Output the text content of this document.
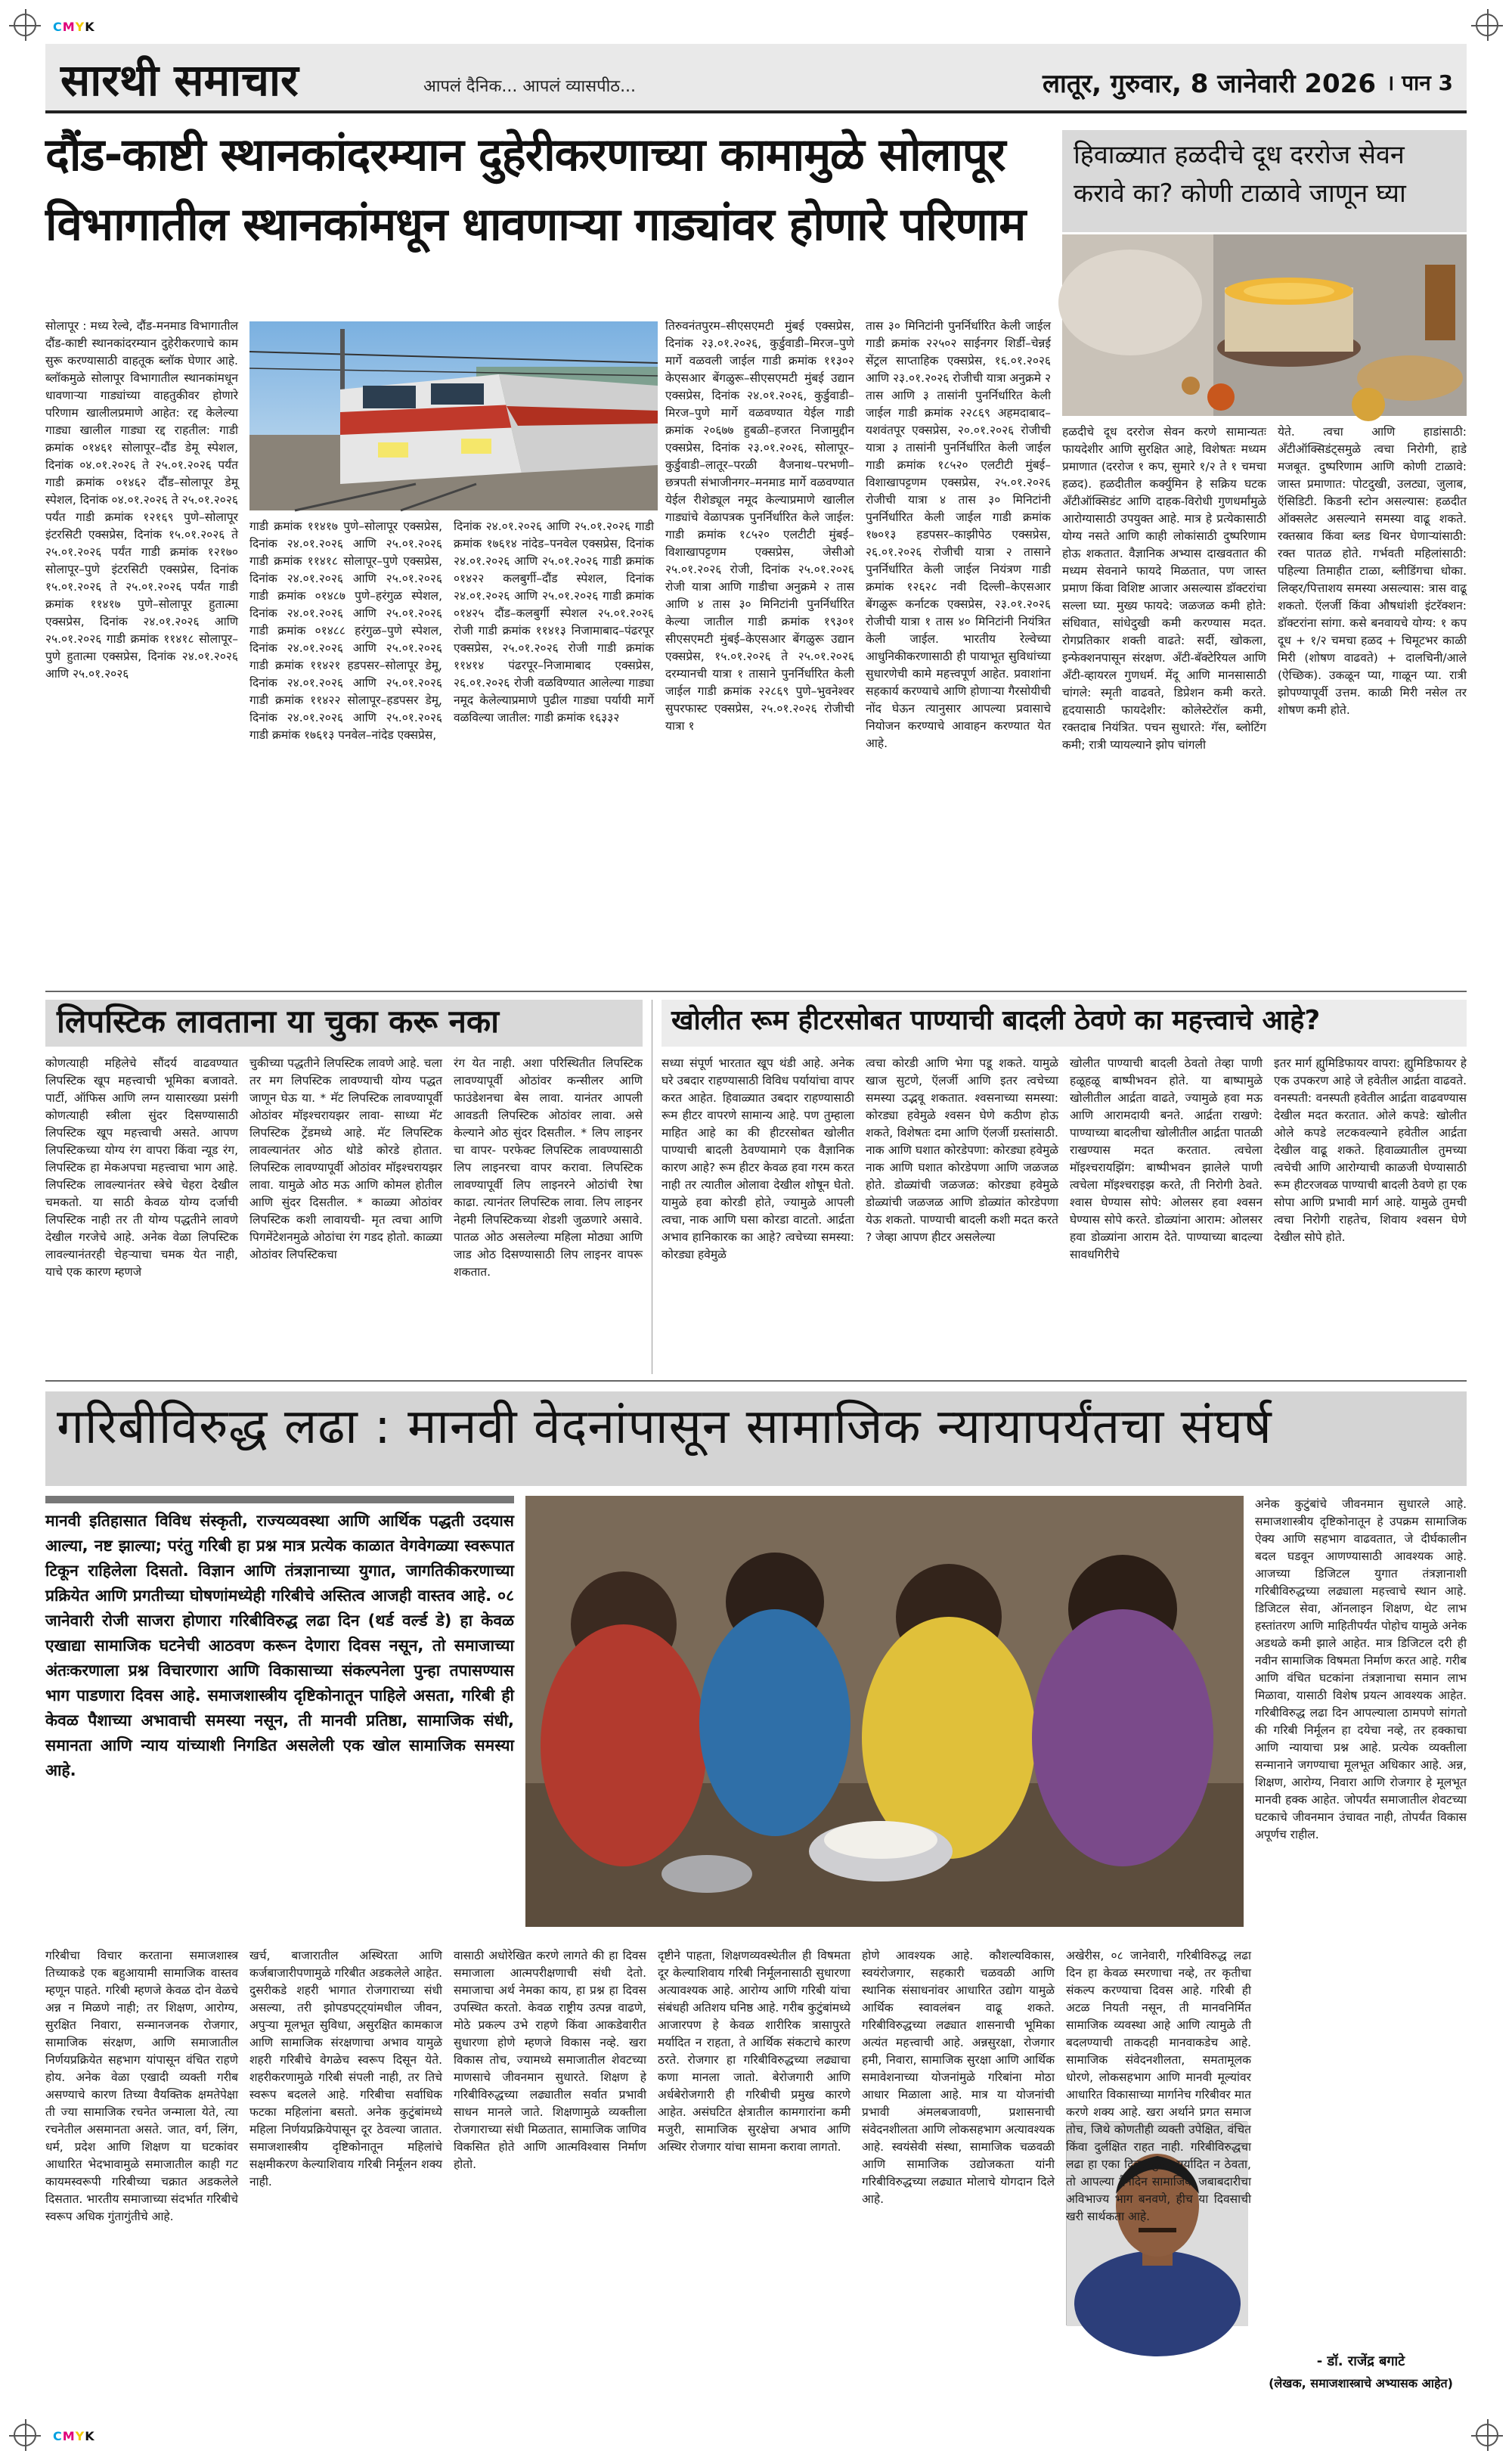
CMYK
CMYK
सारथी समाचार	आपलं दैनिक... आपलं व्यासपीठ...	लातूर, गुरुवार, 8 जानेवारी 2026 । पान 3
दौंड-काष्टी स्थानकांदरम्यान दुहेरीकरणाच्या कामामुळे सोलापूर
विभागातील स्थानकांमधून धावणाऱ्या गाड्यांवर होणारे परिणाम
सोलापूर : मध्य रेल्वे, दौंड-मनमाड विभागातील दौंड-काष्टी स्थानकांदरम्यान दुहेरीकरणाचे काम सुरू करण्यासाठी वाहतूक ब्लॉक घेणार आहे. ब्लॉकमुळे सोलापूर विभागातील स्थानकांमधून धावणाऱ्या गाड्यांच्या वाहतुकीवर होणारे परिणाम खालीलप्रमाणे आहेत: रद्द केलेल्या गाड्या खालील गाड्या रद्द राहतील: गाडी क्रमांक ०१४६१ सोलापूर–दौंड डेमू स्पेशल, दिनांक ०४.०१.२०२६ ते २५.०१.२०२६ पर्यंत गाडी क्रमांक ०१४६२ दौंड–सोलापूर डेमू स्पेशल, दिनांक ०४.०१.२०२६ ते २५.०१.२०२६ पर्यंत गाडी क्रमांक १२१६९ पुणे–सोलापूर इंटरसिटी एक्सप्रेस, दिनांक १५.०१.२०२६ ते २५.०१.२०२६ पर्यंत गाडी क्रमांक १२१७० सोलापूर–पुणे इंटरसिटी एक्सप्रेस, दिनांक १५.०१.२०२६ ते २५.०१.२०२६ पर्यंत गाडी क्रमांक ११४१७ पुणे–सोलापूर हुतात्मा एक्सप्रेस, दिनांक २४.०१.२०२६ आणि २५.०१.२०२६ गाडी क्रमांक ११४१८ सोलापूर–पुणे हुतात्मा एक्सप्रेस, दिनांक २४.०१.२०२६ आणि २५.०१.२०२६
गाडी क्रमांक ११४१७ पुणे–सोलापूर एक्सप्रेस, दिनांक २४.०१.२०२६ आणि २५.०१.२०२६ गाडी क्रमांक ११४१८ सोलापूर–पुणे एक्सप्रेस, दिनांक २४.०१.२०२६ आणि २५.०१.२०२६ गाडी क्रमांक ०१४८७ पुणे–हरंगुळ स्पेशल, दिनांक २४.०१.२०२६ आणि २५.०१.२०२६ गाडी क्रमांक ०१४८८ हरंगुळ–पुणे स्पेशल, दिनांक २४.०१.२०२६ आणि २५.०१.२०२६ गाडी क्रमांक ११४२१ हडपसर–सोलापूर डेमू, दिनांक २४.०१.२०२६ आणि २५.०१.२०२६ गाडी क्रमांक ११४२२ सोलापूर–हडपसर डेमू, दिनांक २४.०१.२०२६ आणि २५.०१.२०२६ गाडी क्रमांक १७६१३ पनवेल–नांदेड एक्सप्रेस,
दिनांक २४.०१.२०२६ आणि २५.०१.२०२६ गाडी क्रमांक १७६१४ नांदेड–पनवेल एक्सप्रेस, दिनांक २४.०१.२०२६ आणि २५.०१.२०२६ गाडी क्रमांक ०१४२२ कलबुर्गी–दौंड स्पेशल, दिनांक २४.०१.२०२६ आणि २५.०१.२०२६ गाडी क्रमांक ०१४२५ दौंड–कलबुर्गी स्पेशल २५.०१.२०२६ रोजी गाडी क्रमांक ११४१३ निजामाबाद–पंढरपूर एक्सप्रेस, २५.०१.२०२६ रोजी गाडी क्रमांक ११४१४ पंढरपूर–निजामाबाद एक्सप्रेस, २६.०१.२०२६ रोजी वळविण्यात आलेल्या गाड्या नमूद केलेल्याप्रमाणे पुढील गाड्या पर्यायी मार्गे वळविल्या जातील: गाडी क्रमांक १६३३२
तिरुवनंतपुरम–सीएसएमटी मुंबई एक्सप्रेस, दिनांक २३.०१.२०२६, कुर्डुवाडी–मिरज–पुणे मार्गे वळवली जाईल गाडी क्रमांक ११३०२ केएसआर बेंगळुरू–सीएसएमटी मुंबई उद्यान एक्सप्रेस, दिनांक २४.०१.२०२६, कुर्डुवाडी–मिरज–पुणे मार्गे वळवण्यात येईल गाडी क्रमांक २०६७७ हुबळी–हजरत निजामुद्दीन एक्सप्रेस, दिनांक २३.०१.२०२६, सोलापूर–कुर्डुवाडी–लातूर–परळी वैजनाथ–परभणी–छत्रपती संभाजीनगर–मनमाड मार्गे वळवण्यात येईल रीशेड्यूल नमूद केल्याप्रमाणे खालील गाड्यांचे वेळापत्रक पुनर्निर्धारित केले जाईल: गाडी क्रमांक १८५२० एलटीटी मुंबई–विशाखापट्टणम एक्सप्रेस, जेसीओ २५.०१.२०२६ रोजी, दिनांक २५.०१.२०२६ रोजी यात्रा आणि गाडीचा अनुक्रमे २ तास आणि ४ तास ३० मिनिटांनी पुनर्निर्धारित केल्या जातील गाडी क्रमांक १९३०१ सीएसएमटी मुंबई–केएसआर बेंगळुरू उद्यान एक्सप्रेस, १५.०१.२०२६ ते २५.०१.२०२६ दरम्यानची यात्रा १ तासाने पुनर्निर्धारित केली जाईल गाडी क्रमांक २२८६९ पुणे–भुवनेश्वर सुपरफास्ट एक्सप्रेस, २५.०१.२०२६ रोजीची यात्रा १
तास ३० मिनिटांनी पुनर्निर्धारित केली जाईल गाडी क्रमांक २२५०२ साईनगर शिर्डी–चेन्नई सेंट्रल साप्ताहिक एक्सप्रेस, १६.०१.२०२६ आणि २३.०१.२०२६ रोजीची यात्रा अनुक्रमे २ तास आणि ३ तासांनी पुनर्निर्धारित केली जाईल गाडी क्रमांक २२८६९ अहमदाबाद–यशवंतपूर एक्सप्रेस, २०.०१.२०२६ रोजीची यात्रा ३ तासांनी पुनर्निर्धारित केली जाईल गाडी क्रमांक १८५२० एलटीटी मुंबई–विशाखापट्टणम एक्सप्रेस, २५.०१.२०२६ रोजीची यात्रा ४ तास ३० मिनिटांनी पुनर्निर्धारित केली जाईल गाडी क्रमांक १७०१३ हडपसर–काझीपेठ एक्सप्रेस, २६.०१.२०२६ रोजीची यात्रा २ तासाने पुनर्निर्धारित केली जाईल नियंत्रण गाडी क्रमांक १२६२८ नवी दिल्ली–केएसआर बेंगळुरू कर्नाटक एक्सप्रेस, २३.०१.२०२६ रोजीची यात्रा १ तास ४० मिनिटांनी नियंत्रित केली जाईल. भारतीय रेल्वेच्या आधुनिकीकरणासाठी ही पायाभूत सुविधांच्या सुधारणेची कामे महत्त्वपूर्ण आहेत. प्रवाशांना सहकार्य करण्याचे आणि होणाऱ्या गैरसोयीची नोंद घेऊन त्यानुसार आपल्या प्रवासाचे नियोजन करण्याचे आवाहन करण्यात येत आहे.
हिवाळ्यात हळदीचे दूध दररोज सेवन करावे का? कोणी टाळावे जाणून घ्या
हळदीचे दूध दररोज सेवन करणे सामान्यतः फायदेशीर आणि सुरक्षित आहे, विशेषतः मध्यम प्रमाणात (दररोज १ कप, सुमारे १/२ ते १ चमचा हळद). हळदीतील कर्क्युमिन हे सक्रिय घटक अँटीऑक्सिडंट आणि दाहक-विरोधी गुणधर्मांमुळे आरोग्यासाठी उपयुक्त आहे. मात्र हे प्रत्येकासाठी योग्य नसते आणि काही लोकांसाठी दुष्परिणाम होऊ शकतात. वैज्ञानिक अभ्यास दाखवतात की मध्यम सेवनाने फायदे मिळतात, पण जास्त प्रमाण किंवा विशिष्ट आजार असल्यास डॉक्टरांचा सल्ला घ्या. मुख्य फायदे: जळजळ कमी होते: संधिवात, सांधेदुखी कमी करण्यास मदत. रोगप्रतिकार शक्ती वाढते: सर्दी, खोकला, इन्फेक्शनपासून संरक्षण. अँटी-बॅक्टेरियल आणि अँटी-व्हायरल गुणधर्म. मेंदू आणि मानसासाठी चांगले: स्मृती वाढवते, डिप्रेशन कमी करते. हृदयासाठी फायदेशीर: कोलेस्टेरॉल कमी, रक्तदाब नियंत्रित. पचन सुधारते: गॅस, ब्लोटिंग कमी; रात्री प्यायल्याने झोप चांगली
येते. त्वचा आणि हाडांसाठी: अँटीऑक्सिडंट्समुळे त्वचा निरोगी, हाडे मजबूत. दुष्परिणाम आणि कोणी टाळावे: जास्त प्रमाणात: पोटदुखी, उलट्या, जुलाब, ऍसिडिटी. किडनी स्टोन असल्यास: हळदीत ऑक्सलेट असल्याने समस्या वाढू शकते. रक्तस्राव किंवा ब्लड थिनर घेणाऱ्यांसाठी: रक्त पातळ होते. गर्भवती महिलांसाठी: पहिल्या तिमाहीत टाळा, ब्लीडिंगचा धोका. लिव्हर/पित्ताशय समस्या असल्यास: त्रास वाढू शकतो. ऍलर्जी किंवा औषधांशी इंटरॅक्शन: डॉक्टरांना सांगा. कसे बनवायचे योग्य: १ कप दूध + १/२ चमचा हळद + चिमूटभर काळी मिरी (शोषण वाढवते) + दालचिनी/आले (ऐच्छिक). उकळून प्या, गाळून प्या. रात्री झोपण्यापूर्वी उत्तम. काळी मिरी नसेल तर शोषण कमी होते.
लिपस्टिक लावताना या चुका करू नका
कोणत्याही महिलेचे सौंदर्य वाढवण्यात लिपस्टिक खूप महत्त्वाची भूमिका बजावते. पार्टी, ऑफिस आणि लग्न यासारख्या प्रसंगी कोणत्याही स्त्रीला सुंदर दिसण्यासाठी लिपस्टिक खूप महत्त्वाची असते. आपण लिपस्टिकच्या योग्य रंग वापरा किंवा न्यूड रंग, लिपस्टिक हा मेकअपचा महत्त्वाचा भाग आहे. लिपस्टिक लावल्यानंतर स्त्रेचे चेहरा देखील चमकतो. या साठी केवळ योग्य दर्जाची लिपस्टिक नाही तर ती योग्य पद्धतीने लावणे देखील गरजेचे आहे. अनेक वेळा लिपस्टिक लावल्यानंतरही चेहऱ्याचा चमक येत नाही, याचे एक कारण म्हणजे
चुकीच्या पद्धतीने लिपस्टिक लावणे आहे. चला तर मग लिपस्टिक लावण्याची योग्य पद्धत जाणून घेऊ या. * मॅट लिपस्टिक लावण्यापूर्वी ओठांवर मॉइश्चरायझर लावा- साध्या मॅट लिपस्टिक ट्रेंडमध्ये आहे. मॅट लिपस्टिक लावल्यानंतर ओठ थोडे कोरडे होतात. लिपस्टिक लावण्यापूर्वी ओठांवर मॉइश्चरायझर लावा. यामुळे ओठ मऊ आणि कोमल होतील आणि सुंदर दिसतील. * काळ्या ओठांवर लिपस्टिक कशी लावायची- मृत त्वचा आणि पिगमेंटेशनमुळे ओठांचा रंग गडद होतो. काळ्या ओठांवर लिपस्टिकचा
रंग येत नाही. अशा परिस्थितीत लिपस्टिक लावण्यापूर्वी ओठांवर कन्सीलर आणि फाउंडेशनचा बेस लावा. यानंतर आपली आवडती लिपस्टिक ओठांवर लावा. असे केल्याने ओठ सुंदर दिसतील. * लिप लाइनर चा वापर- परफेक्ट लिपस्टिक लावण्यासाठी लिप लाइनरचा वापर करावा. लिपस्टिक लावण्यापूर्वी लिप लाइनरने ओठांची रेषा काढा. त्यानंतर लिपस्टिक लावा. लिप लाइनर नेहमी लिपस्टिकच्या शेडशी जुळणारे असावे. पातळ ओठ असलेल्या महिला मोठ्या आणि जाड ओठ दिसण्यासाठी लिप लाइनर वापरू शकतात.
खोलीत रूम हीटरसोबत पाण्याची बादली ठेवणे का महत्त्वाचे आहे?
सध्या संपूर्ण भारतात खूप थंडी आहे. अनेक घरे उबदार राहण्यासाठी विविध पर्यायांचा वापर करत आहेत. हिवाळ्यात उबदार राहण्यासाठी रूम हीटर वापरणे सामान्य आहे. पण तुम्हाला माहित आहे का की हीटरसोबत खोलीत पाण्याची बादली ठेवण्यामागे एक वैज्ञानिक कारण आहे? रूम हीटर केवळ हवा गरम करत नाही तर त्यातील ओलावा देखील शोषून घेतो. यामुळे हवा कोरडी होते, ज्यामुळे आपली त्वचा, नाक आणि घसा कोरडा वाटतो. आर्द्रता अभाव हानिकारक का आहे? त्वचेच्या समस्या: कोरड्या हवेमुळे
त्वचा कोरडी आणि भेगा पडू शकते. यामुळे खाज सुटणे, ऍलर्जी आणि इतर त्वचेच्या समस्या उद्भवू शकतात. श्वसनाच्या समस्या: कोरड्या हवेमुळे श्वसन घेणे कठीण होऊ शकते, विशेषतः दमा आणि ऍलर्जी ग्रस्तांसाठी. नाक आणि घशात कोरडेपणा: कोरड्या हवेमुळे नाक आणि घशात कोरडेपणा आणि जळजळ होते. डोळ्यांची जळजळ: कोरड्या हवेमुळे डोळ्यांची जळजळ आणि डोळ्यांत कोरडेपणा येऊ शकतो. पाण्याची बादली कशी मदत करते ? जेव्हा आपण हीटर असलेल्या
खोलीत पाण्याची बादली ठेवतो तेव्हा पाणी हळूहळू बाष्पीभवन होते. या बाष्पामुळे खोलीतील आर्द्रता वाढते, ज्यामुळे हवा मऊ आणि आरामदायी बनते. आर्द्रता राखणे: पाण्याच्या बादलीचा खोलीतील आर्द्रता पातळी राखण्यास मदत करतात. त्वचेला मॉइश्चरायझिंग: बाष्पीभवन झालेले पाणी त्वचेला मॉइश्चराइझ करते, ती निरोगी ठेवते. श्वास घेण्यास सोपे: ओलसर हवा श्वसन घेण्यास सोपे करते. डोळ्यांना आराम: ओलसर हवा डोळ्यांना आराम देते. पाण्याच्या बादल्या सावधगिरीचे
इतर मार्ग ह्युमिडिफायर वापरा: ह्युमिडिफायर हे एक उपकरण आहे जे हवेतील आर्द्रता वाढवते. वनस्पती: वनस्पती हवेतील आर्द्रता वाढवण्यास देखील मदत करतात. ओले कपडे: खोलीत ओले कपडे लटकवल्याने हवेतील आर्द्रता देखील वाढू शकते. हिवाळ्यातील तुमच्या त्वचेची आणि आरोग्याची काळजी घेण्यासाठी रूम हीटरजवळ पाण्याची बादली ठेवणे हा एक सोपा आणि प्रभावी मार्ग आहे. यामुळे तुमची त्वचा निरोगी राहतेच, शिवाय श्वसन घेणे देखील सोपे होते.
गरिबीविरुद्ध लढा : मानवी वेदनांपासून सामाजिक न्यायापर्यंतचा संघर्ष
मानवी इतिहासात विविध संस्कृती, राज्यव्यवस्था आणि आर्थिक पद्धती उदयास आल्या, नष्ट झाल्या; परंतु गरिबी हा प्रश्न मात्र प्रत्येक काळात वेगवेगळ्या स्वरूपात टिकून राहिलेला दिसतो. विज्ञान आणि तंत्रज्ञानाच्या युगात, जागतिकीकरणाच्या प्रक्रियेत आणि प्रगतीच्या घोषणांमध्येही गरिबीचे अस्तित्व आजही वास्तव आहे. ०८ जानेवारी रोजी साजरा होणारा गरिबीविरुद्ध लढा दिन (थर्ड वर्ल्ड डे) हा केवळ एखाद्या सामाजिक घटनेची आठवण करून देणारा दिवस नसून, तो समाजाच्या अंतःकरणाला प्रश्न विचारणारा आणि विकासाच्या संकल्पनेला पुन्हा तपासण्यास भाग पाडणारा दिवस आहे. समाजशास्त्रीय दृष्टिकोनातून पाहिले असता, गरिबी ही केवळ पैशाच्या अभावाची समस्या नसून, ती मानवी प्रतिष्ठा, सामाजिक संधी, समानता आणि न्याय यांच्याशी निगडित असलेली एक खोल सामाजिक समस्या आहे.
अनेक कुटुंबांचे जीवनमान सुधारले आहे. समाजशास्त्रीय दृष्टिकोनातून हे उपक्रम सामाजिक ऐक्य आणि सहभाग वाढवतात, जे दीर्घकालीन बदल घडवून आणण्यासाठी आवश्यक आहे. आजच्या डिजिटल युगात तंत्रज्ञानाशी गरिबीविरुद्धच्या लढ्याला महत्त्वाचे स्थान आहे. डिजिटल सेवा, ऑनलाइन शिक्षण, थेट लाभ हस्तांतरण आणि माहितीपर्यंत पोहोच यामुळे अनेक अडथळे कमी झाले आहेत. मात्र डिजिटल दरी ही नवीन सामाजिक विषमता निर्माण करत आहे. गरीब आणि वंचित घटकांना तंत्रज्ञानाचा समान लाभ मिळावा, यासाठी विशेष प्रयत्न आवश्यक आहेत. गरिबीविरुद्ध लढा दिन आपल्याला ठामपणे सांगतो की गरिबी निर्मूलन हा दयेचा नव्हे, तर हक्काचा आणि न्यायाचा प्रश्न आहे. प्रत्येक व्यक्तीला सन्मानाने जगण्याचा मूलभूत अधिकार आहे. अन्न, शिक्षण, आरोग्य, निवारा आणि रोजगार हे मूलभूत मानवी हक्क आहेत. जोपर्यंत समाजातील शेवटच्या घटकाचे जीवनमान उंचावत नाही, तोपर्यंत विकास अपूर्णच राहील.
गरिबीचा विचार करताना समाजशास्त्र तिच्याकडे एक बहुआयामी सामाजिक वास्तव म्हणून पाहते. गरिबी म्हणजे केवळ दोन वेळचे अन्न न मिळणे नाही; तर शिक्षण, आरोग्य, सुरक्षित निवारा, सन्मानजनक रोजगार, सामाजिक संरक्षण, आणि समाजातील निर्णयप्रक्रियेत सहभाग यांपासून वंचित राहणे होय. अनेक वेळा एखादी व्यक्ती गरीब असण्याचे कारण तिच्या वैयक्तिक क्षमतेपेक्षा ती ज्या सामाजिक रचनेत जन्माला येते, त्या रचनेतील असमानता असते. जात, वर्ग, लिंग, धर्म, प्रदेश आणि शिक्षण या घटकांवर आधारित भेदभावामुळे समाजातील काही गट कायमस्वरूपी गरिबीच्या चक्रात अडकलेले दिसतात. भारतीय समाजाच्या संदर्भात गरिबीचे स्वरूप अधिक गुंतागुंतीचे आहे.
खर्च, बाजारातील अस्थिरता आणि कर्जबाजारीपणामुळे गरिबीत अडकलेले आहेत. दुसरीकडे शहरी भागात रोजगाराच्या संधी असल्या, तरी झोपडपट्ट्यांमधील जीवन, अपुऱ्या मूलभूत सुविधा, असुरक्षित कामकाज आणि सामाजिक संरक्षणाचा अभाव यामुळे शहरी गरिबीचे वेगळेच स्वरूप दिसून येते. शहरीकरणामुळे गरिबी संपली नाही, तर तिचे स्वरूप बदलले आहे. गरिबीचा सर्वाधिक फटका महिलांना बसतो. अनेक कुटुंबांमध्ये महिला निर्णयप्रक्रियेपासून दूर ठेवल्या जातात. समाजशास्त्रीय दृष्टिकोनातून महिलांचे सक्षमीकरण केल्याशिवाय गरिबी निर्मूलन शक्य नाही.
वासाठी अधोरेखित करणे लागते की हा दिवस समाजाला आत्मपरीक्षणाची संधी देतो. समाजाचा अर्थ नेमका काय, हा प्रश्न हा दिवस उपस्थित करतो. केवळ राष्ट्रीय उत्पन्न वाढणे, मोठे प्रकल्प उभे राहणे किंवा आकडेवारीत सुधारणा होणे म्हणजे विकास नव्हे. खरा विकास तोच, ज्यामध्ये समाजातील शेवटच्या माणसाचे जीवनमान सुधारते. शिक्षण हे गरिबीविरुद्धच्या लढ्यातील सर्वात प्रभावी साधन मानले जाते. शिक्षणामुळे व्यक्तीला रोजगाराच्या संधी मिळतात, सामाजिक जाणिव विकसित होते आणि आत्मविश्वास निर्माण होतो.
दृष्टीने पाहता, शिक्षणव्यवस्थेतील ही विषमता दूर केल्याशिवाय गरिबी निर्मूलनासाठी सुधारणा अत्यावश्यक आहे. आरोग्य आणि गरिबी यांचा संबंधही अतिशय घनिष्ठ आहे. गरीब कुटुंबांमध्ये आजारपण हे केवळ शारीरिक त्रासापुरते मर्यादित न राहता, ते आर्थिक संकटाचे कारण ठरते. रोजगार हा गरिबीविरुद्धच्या लढ्याचा कणा मानला जातो. बेरोजगारी आणि अर्धबेरोजगारी ही गरिबीची प्रमुख कारणे आहेत. असंघटित क्षेत्रातील कामगारांना कमी मजुरी, सामाजिक सुरक्षेचा अभाव आणि अस्थिर रोजगार यांचा सामना करावा लागतो.
होणे आवश्यक आहे. कौशल्यविकास, स्वयंरोजगार, सहकारी चळवळी आणि स्थानिक संसाधनांवर आधारित उद्योग यामुळे आर्थिक स्वावलंबन वाढू शकते. गरिबीविरुद्धच्या लढ्यात शासनाची भूमिका अत्यंत महत्त्वाची आहे. अन्नसुरक्षा, रोजगार हमी, निवारा, सामाजिक सुरक्षा आणि आर्थिक समावेशनाच्या योजनांमुळे गरिबांना मोठा आधार मिळाला आहे. मात्र या योजनांची प्रभावी अंमलबजावणी, प्रशासनाची संवेदनशीलता आणि लोकसहभाग अत्यावश्यक आहे. स्वयंसेवी संस्था, सामाजिक चळवळी आणि सामाजिक उद्योजकता यांनी गरिबीविरुद्धच्या लढ्यात मोलाचे योगदान दिले आहे.
अखेरीस, ०८ जानेवारी, गरिबीविरुद्ध लढा दिन हा केवळ स्मरणाचा नव्हे, तर कृतीचा संकल्प करण्याचा दिवस आहे. गरिबी ही अटळ नियती नसून, ती मानवनिर्मित सामाजिक व्यवस्था आहे आणि त्यामुळे ती बदलण्याची ताकदही मानवाकडेच आहे. सामाजिक संवेदनशीलता, समतामूलक धोरणे, लोकसहभाग आणि मानवी मूल्यांवर आधारित विकासाच्या मार्गानेच गरिबीवर मात करणे शक्य आहे. खरा अर्थाने प्रगत समाज तोच, जिथे कोणतीही व्यक्ती उपेक्षित, वंचित किंवा दुर्लक्षित राहत नाही. गरिबीविरुद्धचा लढा हा एका दिवसापुरता मर्यादित न ठेवता, तो आपल्या दैनंदिन सामाजिक जबाबदारीचा अविभाज्य भाग बनवणे, हीच या दिवसाची खरी सार्थकता आहे.
- डॉ. राजेंद्र बगाटे
(लेखक, समाजशास्त्राचे अभ्यासक आहेत)
